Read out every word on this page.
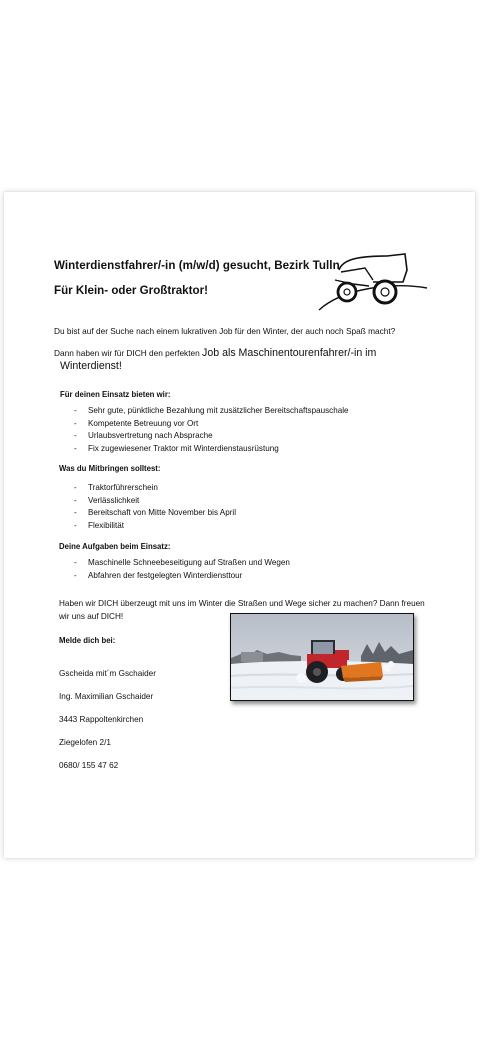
Winterdienstfahrer/-in (m/w/d) gesucht, Bezirk Tulln
Für Klein- oder Großtraktor!
Du bist auf der Suche nach einem lukrativen Job für den Winter, der auch noch Spaß macht?
Dann haben wir für DICH den perfekten Job als Maschinentourenfahrer/-in im
Winterdienst!
Für deinen Einsatz bieten wir:
- Sehr gute, pünktliche Bezahlung mit zusätzlicher Bereitschaftspauschale
- Kompetente Betreuung vor Ort
- Urlaubsvertretung nach Absprache
- Fix zugewiesener Traktor mit Winterdienstausrüstung
Was du Mitbringen solltest:
- Traktorführerschein
- Verlässlichkeit
- Bereitschaft von Mitte November bis April
- Flexibilität
Deine Aufgaben beim Einsatz:
- Maschinelle Schneebeseitigung auf Straßen und Wegen
- Abfahren der festgelegten Winterdiensttour
Haben wir DICH überzeugt mit uns im Winter die Straßen und Wege sicher zu machen? Dann freuen wir uns auf DICH!
Melde dich bei:

Gscheida mit´m Gschaider

Ing. Maximilian Gschaider

3443 Rappoltenkirchen

Ziegelofen 2/1

0680/ 155 47 62
